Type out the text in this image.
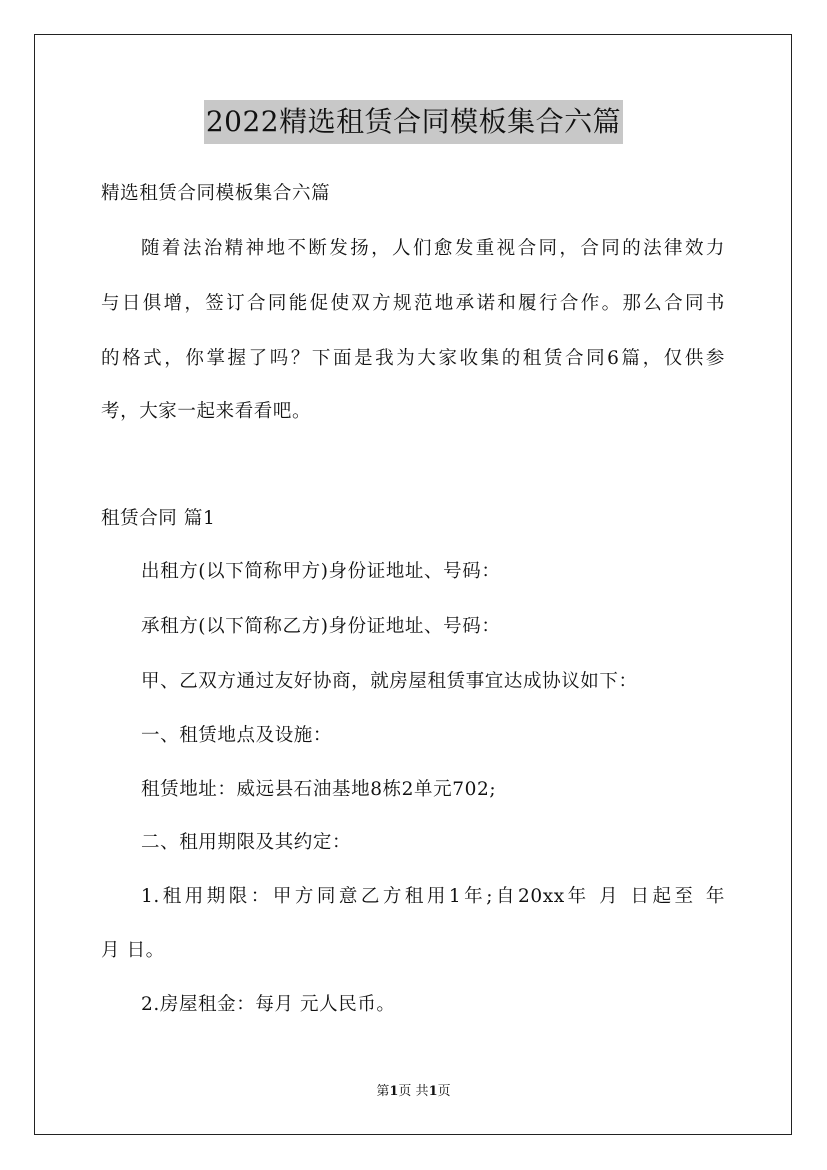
2022精选租赁合同模板集合六篇
精选租赁合同模板集合六篇
随着法治精神地不断发扬，人们愈发重视合同，合同的法律效力
与日俱增，签订合同能促使双方规范地承诺和履行合作。那么合同书
的格式，你掌握了吗？下面是我为大家收集的租赁合同6篇，仅供参
考，大家一起来看看吧。
租赁合同 篇1
出租方(以下简称甲方)身份证地址、号码：
承租方(以下简称乙方)身份证地址、号码：
甲、乙双方通过友好协商，就房屋租赁事宜达成协议如下：
一、租赁地点及设施：
租赁地址：威远县石油基地8栋2单元702;
二、租用期限及其约定：
1.租用期限：甲方同意乙方租用1年;自20xx年 月 日起至 年
月 日。
2.房屋租金：每月 元人民币。
第1页 共1页
